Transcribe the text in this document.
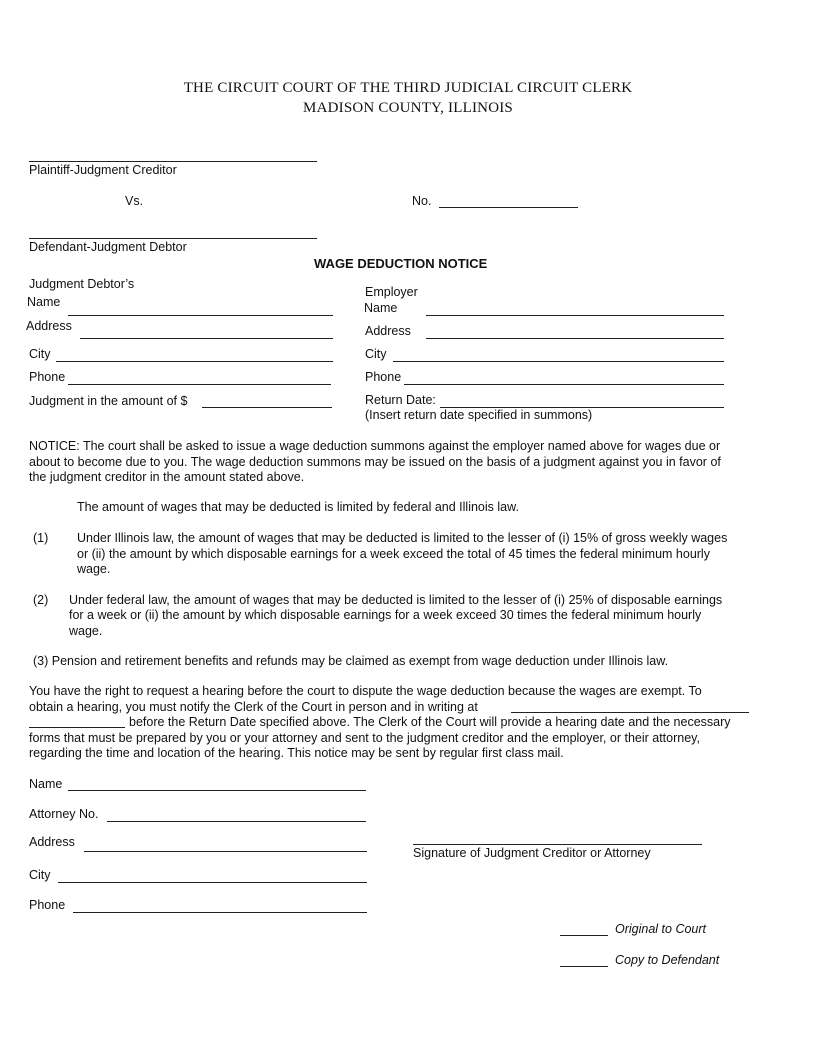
THE CIRCUIT COURT OF THE THIRD JUDICIAL CIRCUIT CLERK
MADISON COUNTY, ILLINOIS
Plaintiff-Judgment Creditor
Vs.	No.
Defendant-Judgment Debtor
WAGE DEDUCTION NOTICE
Judgment Debtor’s
Name
Address
City
Phone
Judgment in the amount of $
Employer
Name
Address
City
Phone
Return Date:
(Insert return date specified in summons)
NOTICE: The court shall be asked to issue a wage deduction summons against the employer named above for wages due or
about to become due to you. The wage deduction summons may be issued on the basis of a judgment against you in favor of
the judgment creditor in the amount stated above.
The amount of wages that may be deducted is limited by federal and Illinois law.
(1) Under Illinois law, the amount of wages that may be deducted is limited to the lesser of (i) 15% of gross weekly wages
or (ii) the amount by which disposable earnings for a week exceed the total of 45 times the federal minimum hourly
wage.
(2) Under federal law, the amount of wages that may be deducted is limited to the lesser of (i) 25% of disposable earnings
for a week or (ii) the amount by which disposable earnings for a week exceed 30 times the federal minimum hourly
wage.
(3) Pension and retirement benefits and refunds may be claimed as exempt from wage deduction under Illinois law.
You have the right to request a hearing before the court to dispute the wage deduction because the wages are exempt. To
obtain a hearing, you must notify the Clerk of the Court in person and in writing at
before the Return Date specified above. The Clerk of the Court will provide a hearing date and the necessary
forms that must be prepared by you or your attorney and sent to the judgment creditor and the employer, or their attorney,
regarding the time and location of the hearing. This notice may be sent by regular first class mail.
Name
Attorney No.
Address
City
Phone
Signature of Judgment Creditor or Attorney
Original to Court
Copy to Defendant
